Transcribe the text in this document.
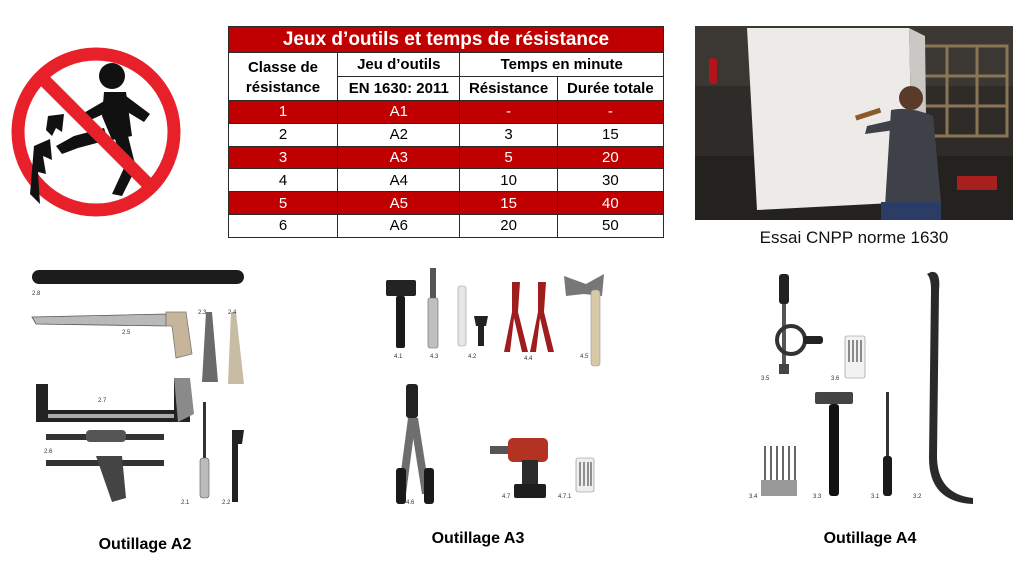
Jeux d’outils et temps de résistance			
Classe de résistance	Jeu d’outils	Temps en minute	
	EN 1630: 2011	Résistance	Durée totale
1	A1	-	-
2	A2	3	15
3	A3	5	20
4	A4	10	30
5	A5	15	40
6	A6	20	50
Essai CNPP norme 1630
2.8
2.5
2.3	2.4
2.7
2.6
2.1	2.2
Outillage A2
4.1	4.3	4.2	4.4	4.5
4.6
4.7	4.7.1
Outillage A3
3.5	3.6
3.4	3.3	3.1	3.2
Outillage A4
